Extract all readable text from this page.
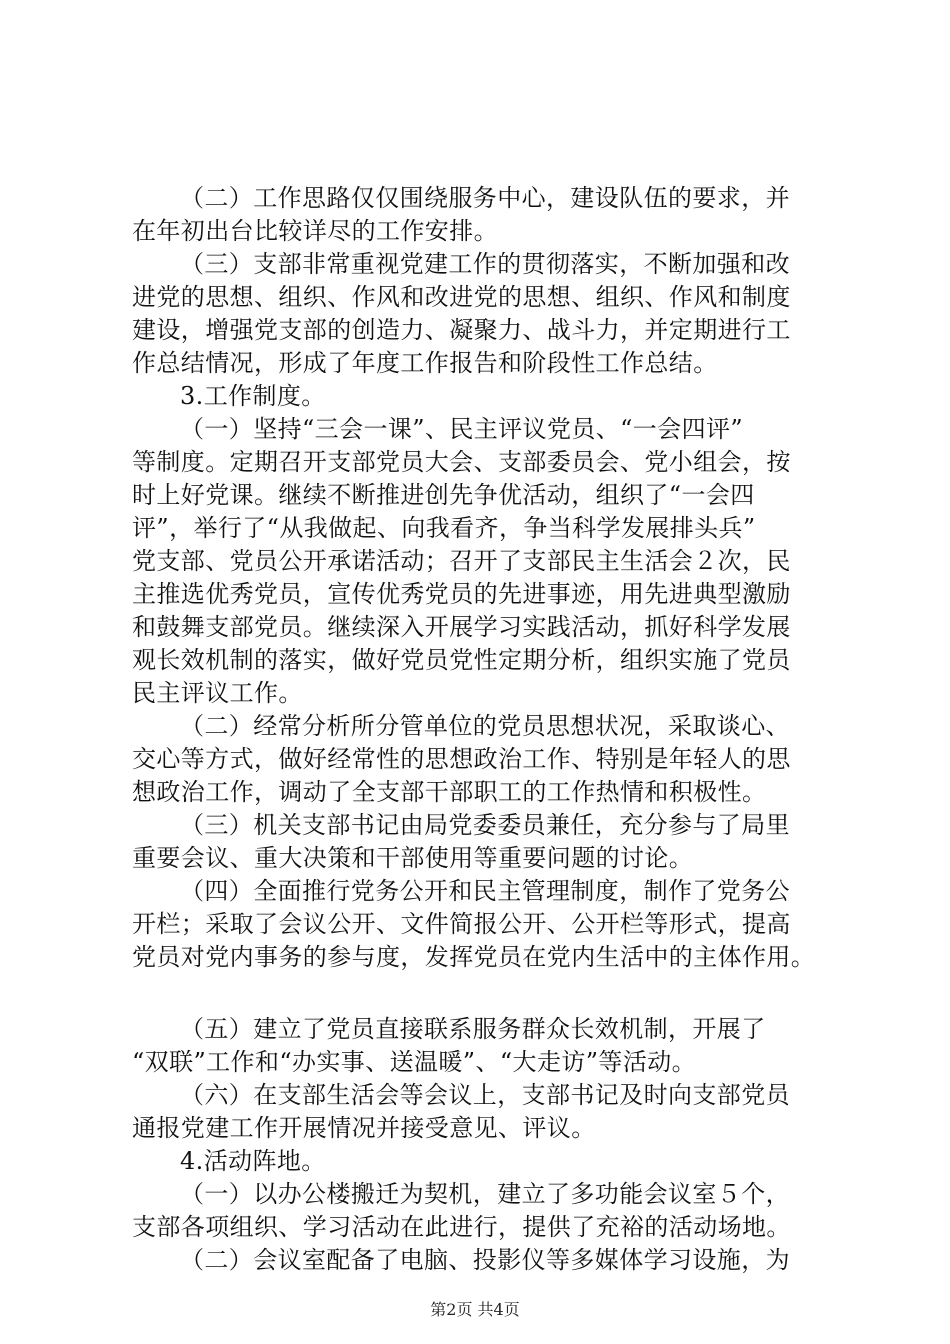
（二）工作思路仅仅围绕服务中心，建设队伍的要求，并
在年初出台比较详尽的工作安排。
（三）支部非常重视党建工作的贯彻落实，不断加强和改
进党的思想、组织、作风和改进党的思想、组织、作风和制度
建设，增强党支部的创造力、凝聚力、战斗力，并定期进行工
作总结情况，形成了年度工作报告和阶段性工作总结。
3.工作制度。
（一）坚持“三会一课”、民主评议党员、“一会四评”
等制度。定期召开支部党员大会、支部委员会、党小组会，按
时上好党课。继续不断推进创先争优活动，组织了“一会四
评”，举行了“从我做起、向我看齐，争当科学发展排头兵”
党支部、党员公开承诺活动；召开了支部民主生活会２次，民
主推选优秀党员，宣传优秀党员的先进事迹，用先进典型激励
和鼓舞支部党员。继续深入开展学习实践活动，抓好科学发展
观长效机制的落实，做好党员党性定期分析，组织实施了党员
民主评议工作。
（二）经常分析所分管单位的党员思想状况，采取谈心、
交心等方式，做好经常性的思想政治工作、特别是年轻人的思
想政治工作，调动了全支部干部职工的工作热情和积极性。
（三）机关支部书记由局党委委员兼任，充分参与了局里
重要会议、重大决策和干部使用等重要问题的讨论。
（四）全面推行党务公开和民主管理制度，制作了党务公
开栏；采取了会议公开、文件简报公开、公开栏等形式，提高
党员对党内事务的参与度，发挥党员在党内生活中的主体作用。
（五）建立了党员直接联系服务群众长效机制，开展了
“双联”工作和“办实事、送温暖”、“大走访”等活动。
（六）在支部生活会等会议上，支部书记及时向支部党员
通报党建工作开展情况并接受意见、评议。
4.活动阵地。
（一）以办公楼搬迁为契机，建立了多功能会议室５个，
支部各项组织、学习活动在此进行，提供了充裕的活动场地。
（二）会议室配备了电脑、投影仪等多媒体学习设施，为
第2页 共4页
